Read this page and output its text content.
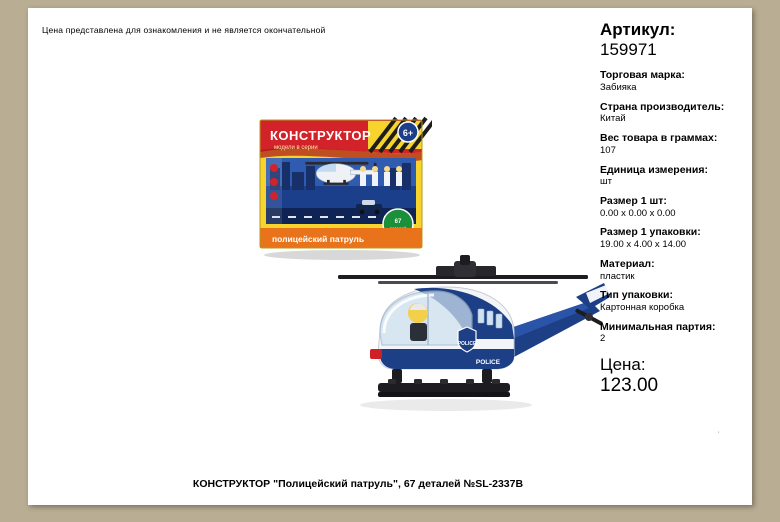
Цена представлена для ознакомления и не является окончательной
6+
КОНСТРУКТОР
модели в серии
67
полицейский патруль
POLICE
POLICE
'
Артикул:
159971
Торговая марка:
Забияка
Страна производитель:
Китай
Вес товара в граммах:
107
Единица измерения:
шт
Размер 1 шт:
0.00 x 0.00 x 0.00
Размер 1 упаковки:
19.00 x 4.00 x 14.00
Материал:
пластик
Тип упаковки:
Картонная коробка
Минимальная партия:
2
Цена:
123.00
КОНСТРУКТОР "Полицейский патруль", 67 деталей №SL-2337B
